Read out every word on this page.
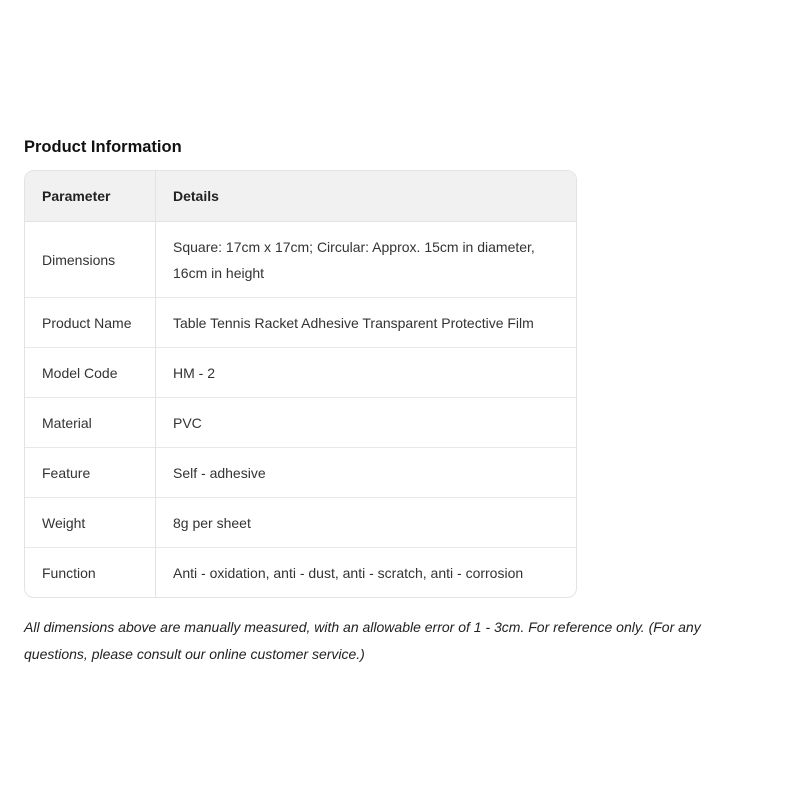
Product Information
Parameter	Details
Dimensions	Square: 17cm x 17cm; Circular: Approx. 15cm in diameter, 16cm in height
Product Name	Table Tennis Racket Adhesive Transparent Protective Film
Model Code	HM - 2
Material	PVC
Feature	Self - adhesive
Weight	8g per sheet
Function	Anti - oxidation, anti - dust, anti - scratch, anti - corrosion

All dimensions above are manually measured, with an allowable error of 1 - 3cm. For reference only. (For any questions, please consult our online customer service.)
